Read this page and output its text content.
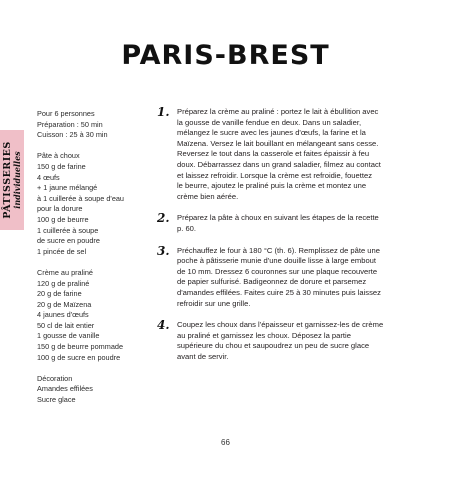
PARIS-BREST
PÂTISSERIES individuelles
Pour 6 personnes
Préparation : 50 min
Cuisson : 25 à 30 min
Pâte à choux
150 g de farine
4 œufs
+ 1 jaune mélangé
à 1 cuillerée à soupe d'eau
pour la dorure
100 g de beurre
1 cuillerée à soupe
de sucre en poudre
1 pincée de sel
Crème au praliné
120 g de praliné
20 g de farine
20 g de Maïzena
4 jaunes d'œufs
50 cl de lait entier
1 gousse de vanille
150 g de beurre pommade
100 g de sucre en poudre
Décoration
Amandes effilées
Sucre glace
1. Préparez la crème au praliné : portez le lait à ébullition avec
la gousse de vanille fendue en deux. Dans un saladier,
mélangez le sucre avec les jaunes d'œufs, la farine et la
Maïzena. Versez le lait bouillant en mélangeant sans cesse.
Reversez le tout dans la casserole et faites épaissir à feu
doux. Débarrassez dans un grand saladier, filmez au contact
et laissez refroidir. Lorsque la crème est refroidie, fouettez
le beurre, ajoutez le praliné puis la crème et montez une
crème bien aérée.
2. Préparez la pâte à choux en suivant les étapes de la recette
p. 60.
3. Préchauffez le four à 180 °C (th. 6). Remplissez de pâte une
poche à pâtisserie munie d'une douille lisse à large embout
de 10 mm. Dressez 6 couronnes sur une plaque recouverte
de papier sulfurisé. Badigeonnez de dorure et parsemez
d'amandes effilées. Faites cuire 25 à 30 minutes puis laissez
refroidir sur une grille.
4. Coupez les choux dans l'épaisseur et garnissez-les de crème
au praliné et garnissez les choux. Déposez la partie
supérieure du chou et saupoudrez un peu de sucre glace
avant de servir.
66
